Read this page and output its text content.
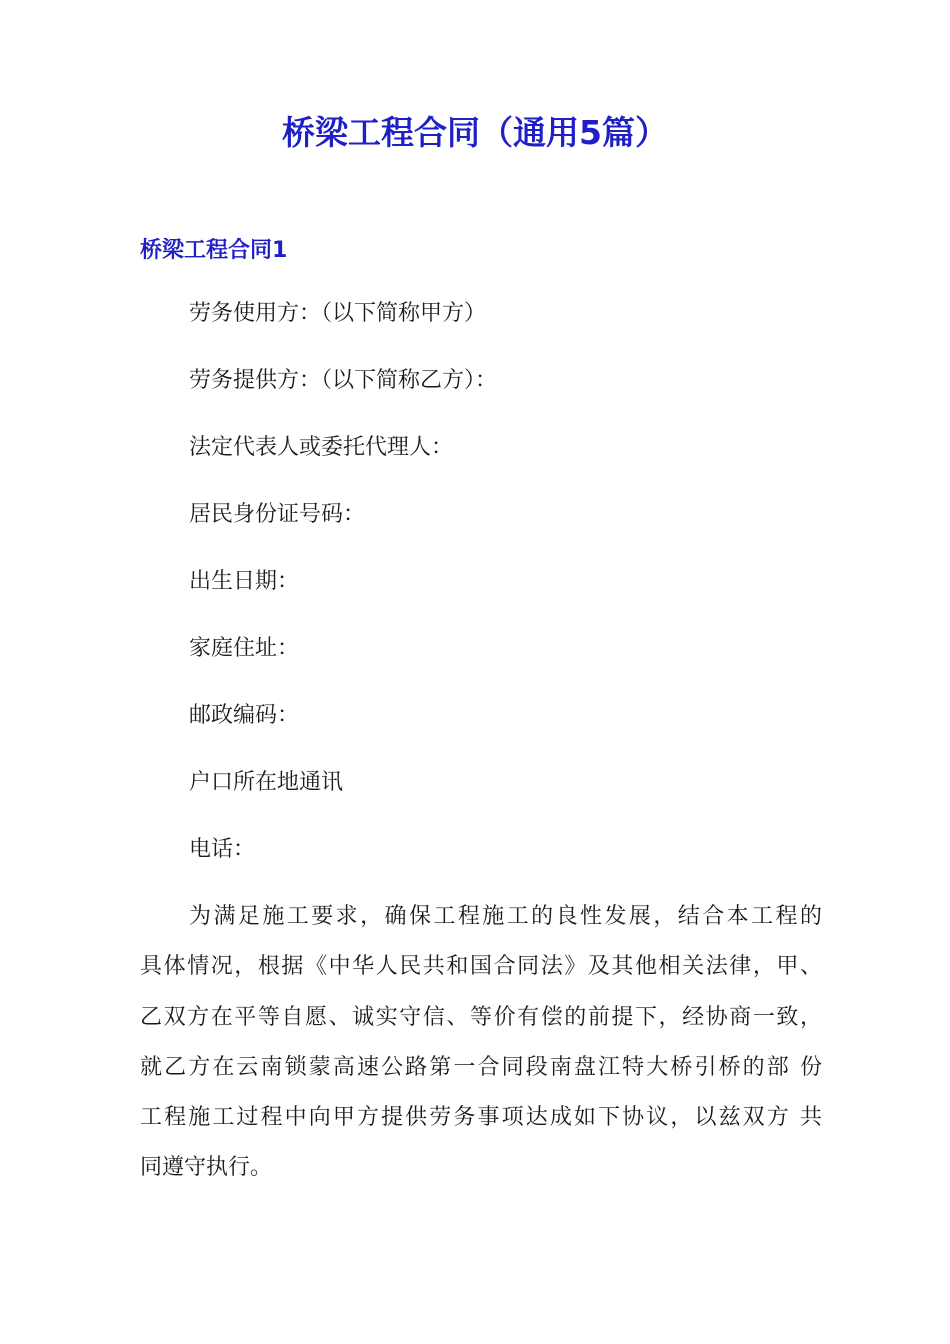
桥梁工程合同（通用5篇）
桥梁工程合同1

劳务使用方：（以下简称甲方）

劳务提供方：（以下简称乙方）：

法定代表人或委托代理人：

居民身份证号码：

出生日期：

家庭住址：

邮政编码：

户口所在地通讯

电话：

为满足施工要求，确保工程施工的良性发展，结合本工程的

具体情况，根据《中华人民共和国合同法》及其他相关法律，甲、

乙双方在平等自愿、诚实守信、等价有偿的前提下，经协商一致，

就乙方在云南锁蒙高速公路第一合同段南盘江特大桥引桥的部 份

工程施工过程中向甲方提供劳务事项达成如下协议，以兹双方 共

同遵守执行。
